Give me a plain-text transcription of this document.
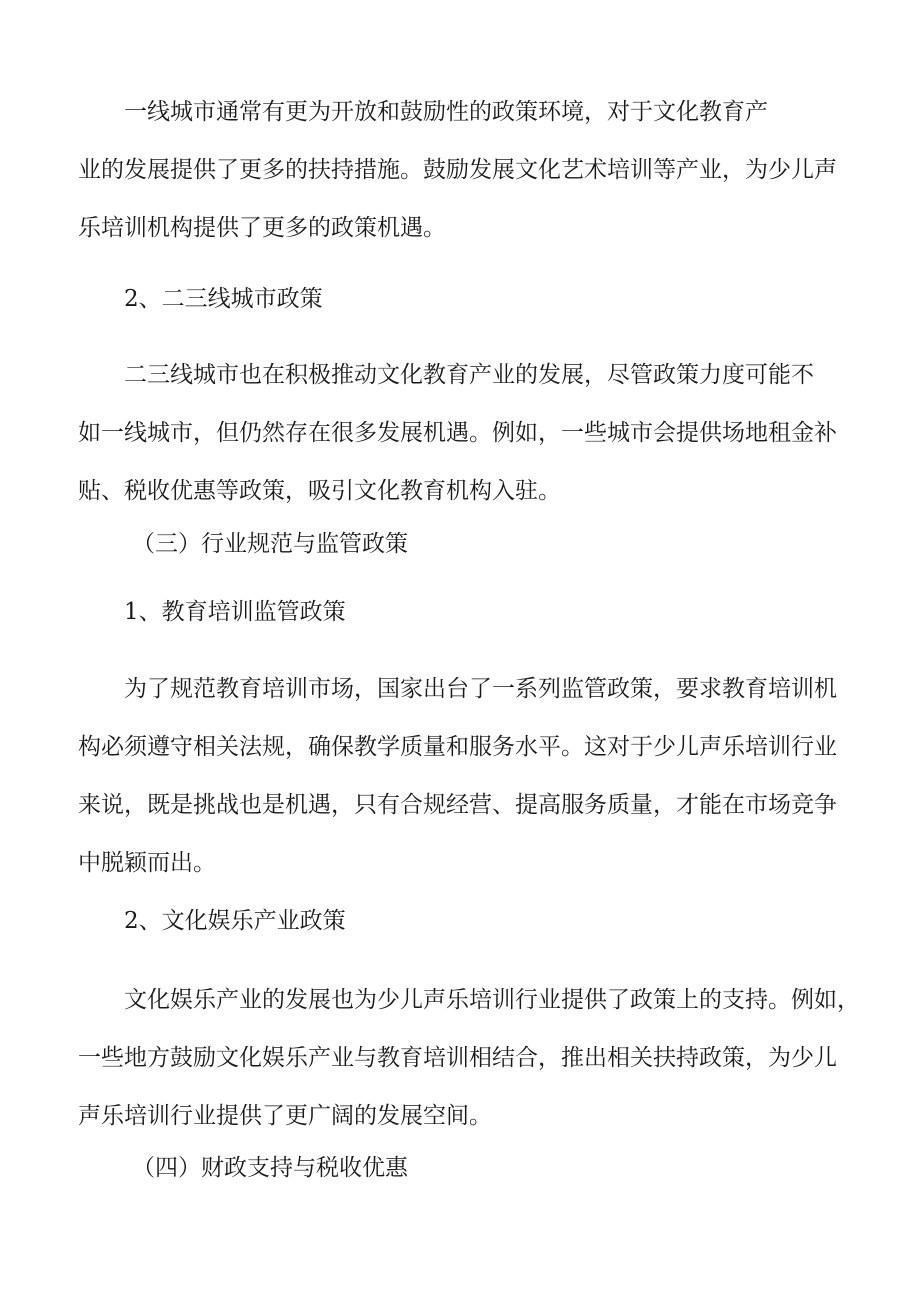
一线城市通常有更为开放和鼓励性的政策环境，对于文化教育产
业的发展提供了更多的扶持措施。鼓励发展文化艺术培训等产业，为少儿声
乐培训机构提供了更多的政策机遇。
2、二三线城市政策
二三线城市也在积极推动文化教育产业的发展，尽管政策力度可能不
如一线城市，但仍然存在很多发展机遇。例如，一些城市会提供场地租金补
贴、税收优惠等政策，吸引文化教育机构入驻。
（三）行业规范与监管政策
1、教育培训监管政策
为了规范教育培训市场，国家出台了一系列监管政策，要求教育培训机
构必须遵守相关法规，确保教学质量和服务水平。这对于少儿声乐培训行业
来说，既是挑战也是机遇，只有合规经营、提高服务质量，才能在市场竞争
中脱颖而出。
2、文化娱乐产业政策
文化娱乐产业的发展也为少儿声乐培训行业提供了政策上的支持。例如，
一些地方鼓励文化娱乐产业与教育培训相结合，推出相关扶持政策，为少儿
声乐培训行业提供了更广阔的发展空间。
（四）财政支持与税收优惠
